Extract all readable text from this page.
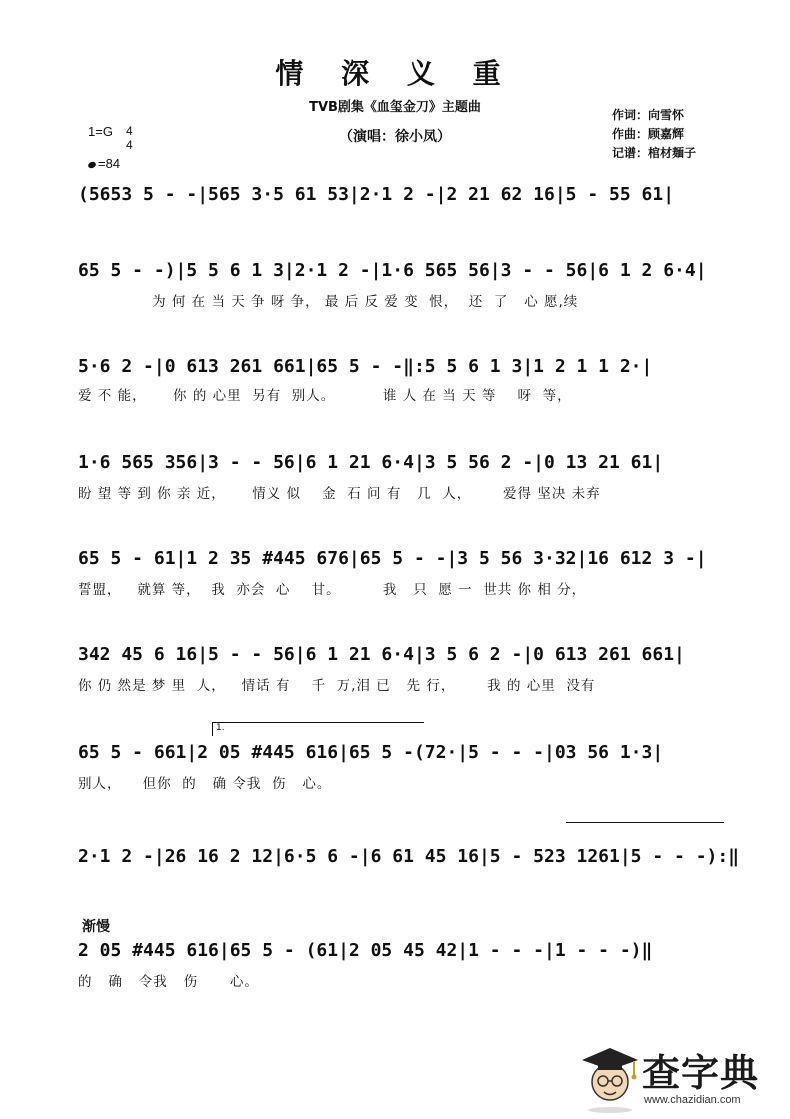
情 深 义 重
TVB剧集《血玺金刀》主题曲
（演唱：徐小凤）
作词：向雪怀
作曲：顾嘉辉
记谱：棺材麺子
1=G 4
4
=84
(5653 5 - -|565 3·5 61 53|2·1 2 -|2 21 62 16|5 - 55 61|
65 5 - -)|5 5 6 1 3|2·1 2 -|1·6 565 56|3 - - 56|6 1 2 6·4|
为 何 在 当 天 争 呀 争， 最 后 反 爱 变  恨，  还  了   心 愿,续
5·6 2 -|0 613 261 661|65 5 - -‖:5 5 6 1 3|1 2 1 1 2·|
爱 不 能，     你 的 心里  另有  别人。         谁 人 在 当 天 等    呀  等，
1·6 565 356|3 - - 56|6 1 21 6·4|3 5 56 2 -|0 13 21 61|
盼 望 等 到 你 亲 近，     情义 似    金  石 问 有   几  人，      爱得 坚决 未弃
65 5 - 61|1 2 35 #445 676|65 5 - -|3 5 56 3·32|16 612 3 -|
誓盟，   就算 等，  我  亦会  心    甘。        我   只  愿 一  世共 你 相 分，
342 45 6 16|5 - - 56|6 1 21 6·4|3 5 6 2 -|0 613 261 661|
你 仍 然是 梦 里  人，   情话 有    千  万,泪 已   先 行，      我 的 心里  没有
1.
65 5 - 661|2 05 #445 616|65 5 -(72·|5 - - -|03 56 1·3|
别人，    但你  的   确 令我  伤   心。
2·1 2 -|26 16 2 12|6·5 6 -|6 61 45 16|5 - 523 1261|5 - - -):‖
渐慢
2 05 #445 616|65 5 - (61|2 05 45 42|1 - - -|1 - - -)‖
的   确   令我   伤      心。
查字典
www.chazidian.com
